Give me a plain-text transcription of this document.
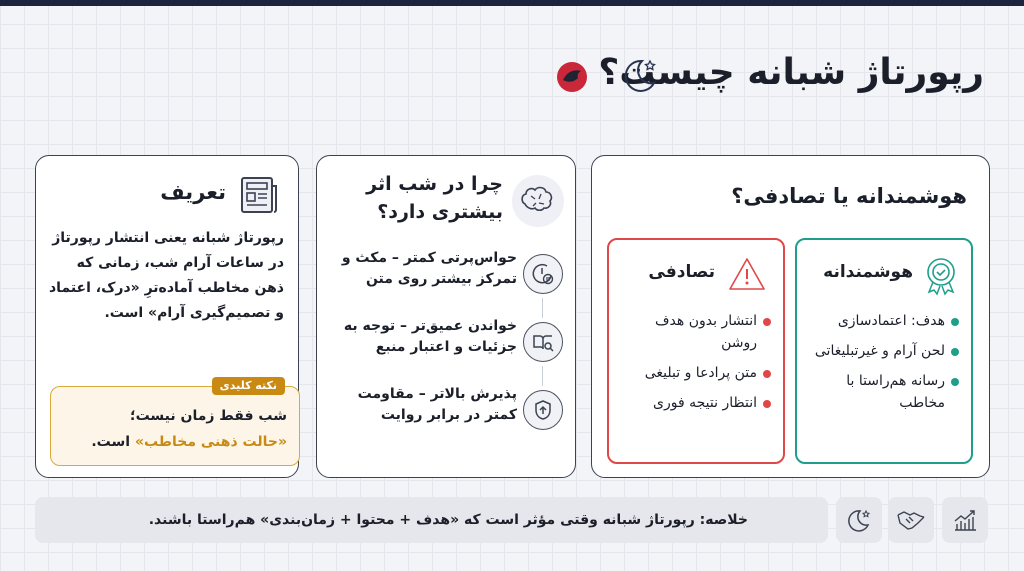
رپورتاژ شبانه چیست؟
تعریف
رپورتاژ شبانه یعنی انتشار رپورتاژ در ساعات آرام شب، زمانی که ذهن مخاطب آماده‌ترِ «درک، اعتماد و تصمیم‌گیری آرام» است.
نکته کلیدی
شب فقط زمان نیست؛
«حالت ذهنی مخاطب» است.
چرا در شب اثر بیشتری دارد؟
حواس‌پرتی کمتر – مکث و تمرکز بیشتر روی متن
خواندن عمیق‌تر – توجه به جزئیات و اعتبار منبع
پذیرش بالاتر – مقاومت کمتر در برابر روایت
هوشمندانه یا تصادفی؟
هوشمندانه
هدف: اعتمادسازی
لحن آرام و غیرتبلیغاتی
رسانه هم‌راستا با مخاطب
تصادفی
انتشار بدون هدف روشن
متن پرادعا و تبلیغی
انتظار نتیجه فوری
خلاصه: رپورتاژ شبانه وقتی مؤثر است که «هدف + محتوا + زمان‌بندی» هم‌راستا باشند.
